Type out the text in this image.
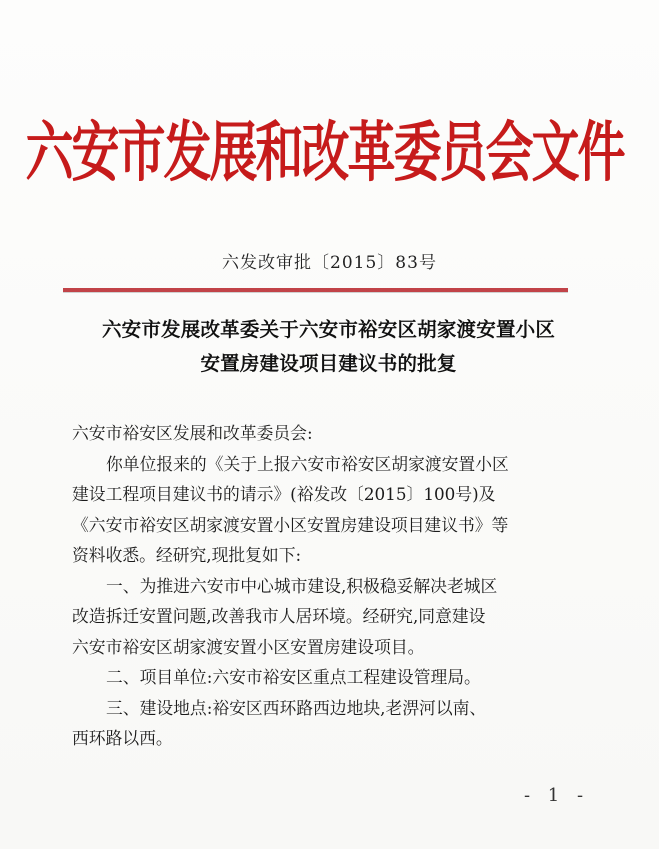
六安市发展和改革委员会文件
六发改审批〔2015〕83号
六安市发展改革委关于六安市裕安区胡家渡安置小区
安置房建设项目建议书的批复

六安市裕安区发展和改革委员会:

你单位报来的《关于上报六安市裕安区胡家渡安置小区

建设工程项目建议书的请示》(裕发改〔2015〕100号)及

《六安市裕安区胡家渡安置小区安置房建设项目建议书》等

资料收悉。经研究,现批复如下:

一、为推进六安市中心城市建设,积极稳妥解决老城区

改造拆迁安置问题,改善我市人居环境。经研究,同意建设

六安市裕安区胡家渡安置小区安置房建设项目。

二、项目单位:六安市裕安区重点工程建设管理局。

三、建设地点:裕安区西环路西边地块,老淠河以南、

西环路以西。

- 1 -
